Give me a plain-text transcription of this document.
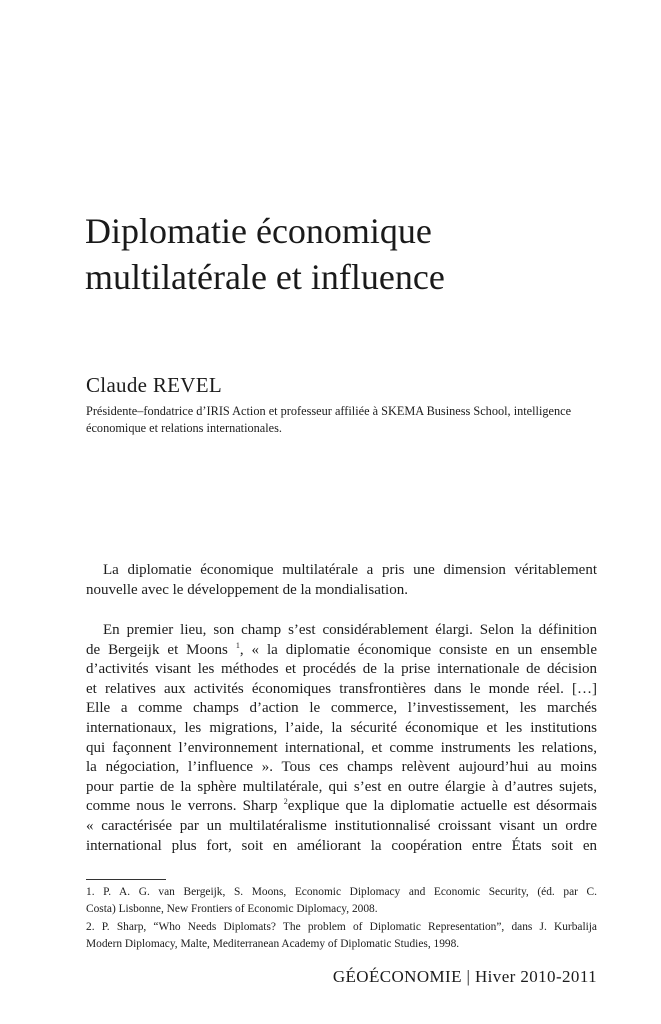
Diplomatie économique
multilatérale et influence

Claude REVEL

Présidente–fondatrice d’IRIS Action et professeur affiliée à SKEMA Business School, intelligence
économique et relations internationales.

La diplomatie économique multilatérale a pris une dimension véritablement
nouvelle avec le développement de la mondialisation.
En premier lieu, son champ s’est considérablement élargi. Selon la définition
de Bergeijk et Moons $^1$, « la diplomatie économique consiste en un ensemble
d’activités visant les méthodes et procédés de la prise internationale de décision
et relatives aux activités économiques transfrontières dans le monde réel. […]
Elle a comme champs d’action le commerce, l’investissement, les marchés
internationaux, les migrations, l’aide, la sécurité économique et les institutions
qui façonnent l’environnement international, et comme instruments les relations,
la négociation, l’influence ». Tous ces champs relèvent aujourd’hui au moins
pour partie de la sphère multilatérale, qui s’est en outre élargie à d’autres sujets,
comme nous le verrons. Sharp $^2$explique que la diplomatie actuelle est désormais
« caractérisée par un multilatéralisme institutionnalisé croissant visant un ordre
international plus fort, soit en améliorant la coopération entre États soit en
1. P. A. G. van Bergeijk, S. Moons, Economic Diplomacy and Economic Security, (éd. par C.
Costa) Lisbonne, New Frontiers of Economic Diplomacy, 2008.
2. P. Sharp, “Who Needs Diplomats? The problem of Diplomatic Representation”, dans J. Kurbalija
Modern Diplomacy, Malte, Mediterranean Academy of Diplomatic Studies, 1998.
GÉOÉCONOMIE | Hiver 2010-2011
